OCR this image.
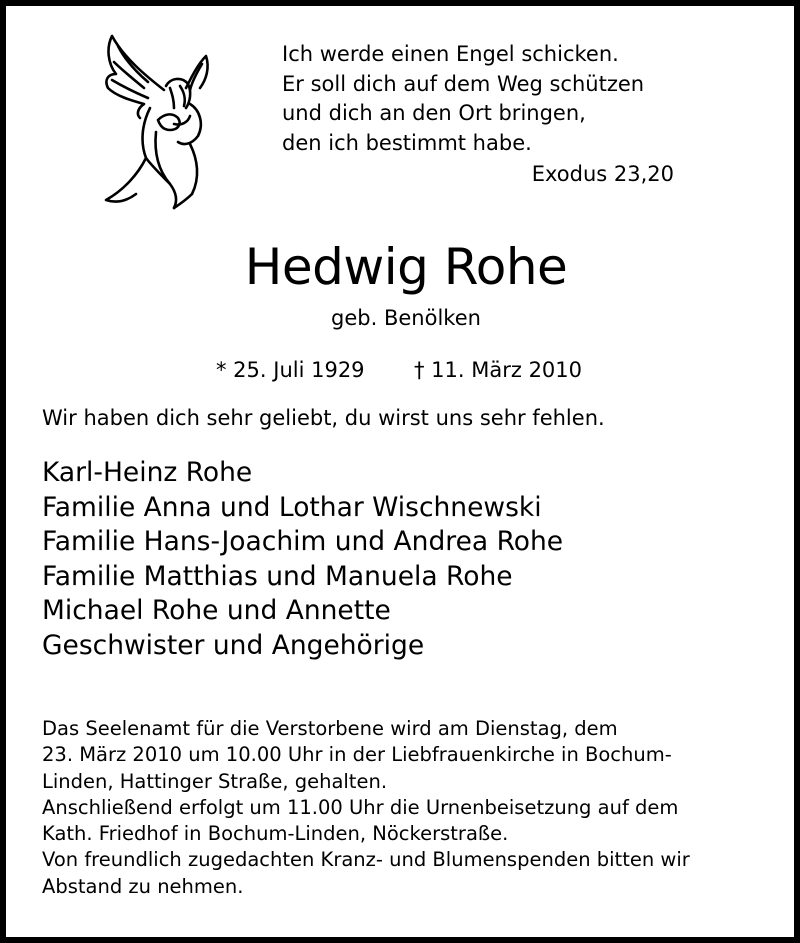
Ich werde einen Engel schicken.
Er soll dich auf dem Weg schützen
und dich an den Ort bringen,
den ich bestimmt habe.
Exodus 23,20
Hedwig Rohe
geb. Benölken
* 25. Juli 1929 † 11. März 2010
Wir haben dich sehr geliebt, du wirst uns sehr fehlen.
Karl-Heinz Rohe
Familie Anna und Lothar Wischnewski
Familie Hans-Joachim und Andrea Rohe
Familie Matthias und Manuela Rohe
Michael Rohe und Annette
Geschwister und Angehörige
Das Seelenamt für die Verstorbene wird am Dienstag, dem
23. März 2010 um 10.00 Uhr in der Liebfrauenkirche in Bochum-
Linden, Hattinger Straße, gehalten.
Anschließend erfolgt um 11.00 Uhr die Urnenbeisetzung auf dem
Kath. Friedhof in Bochum-Linden, Nöckerstraße.
Von freundlich zugedachten Kranz- und Blumenspenden bitten wir
Abstand zu nehmen.
